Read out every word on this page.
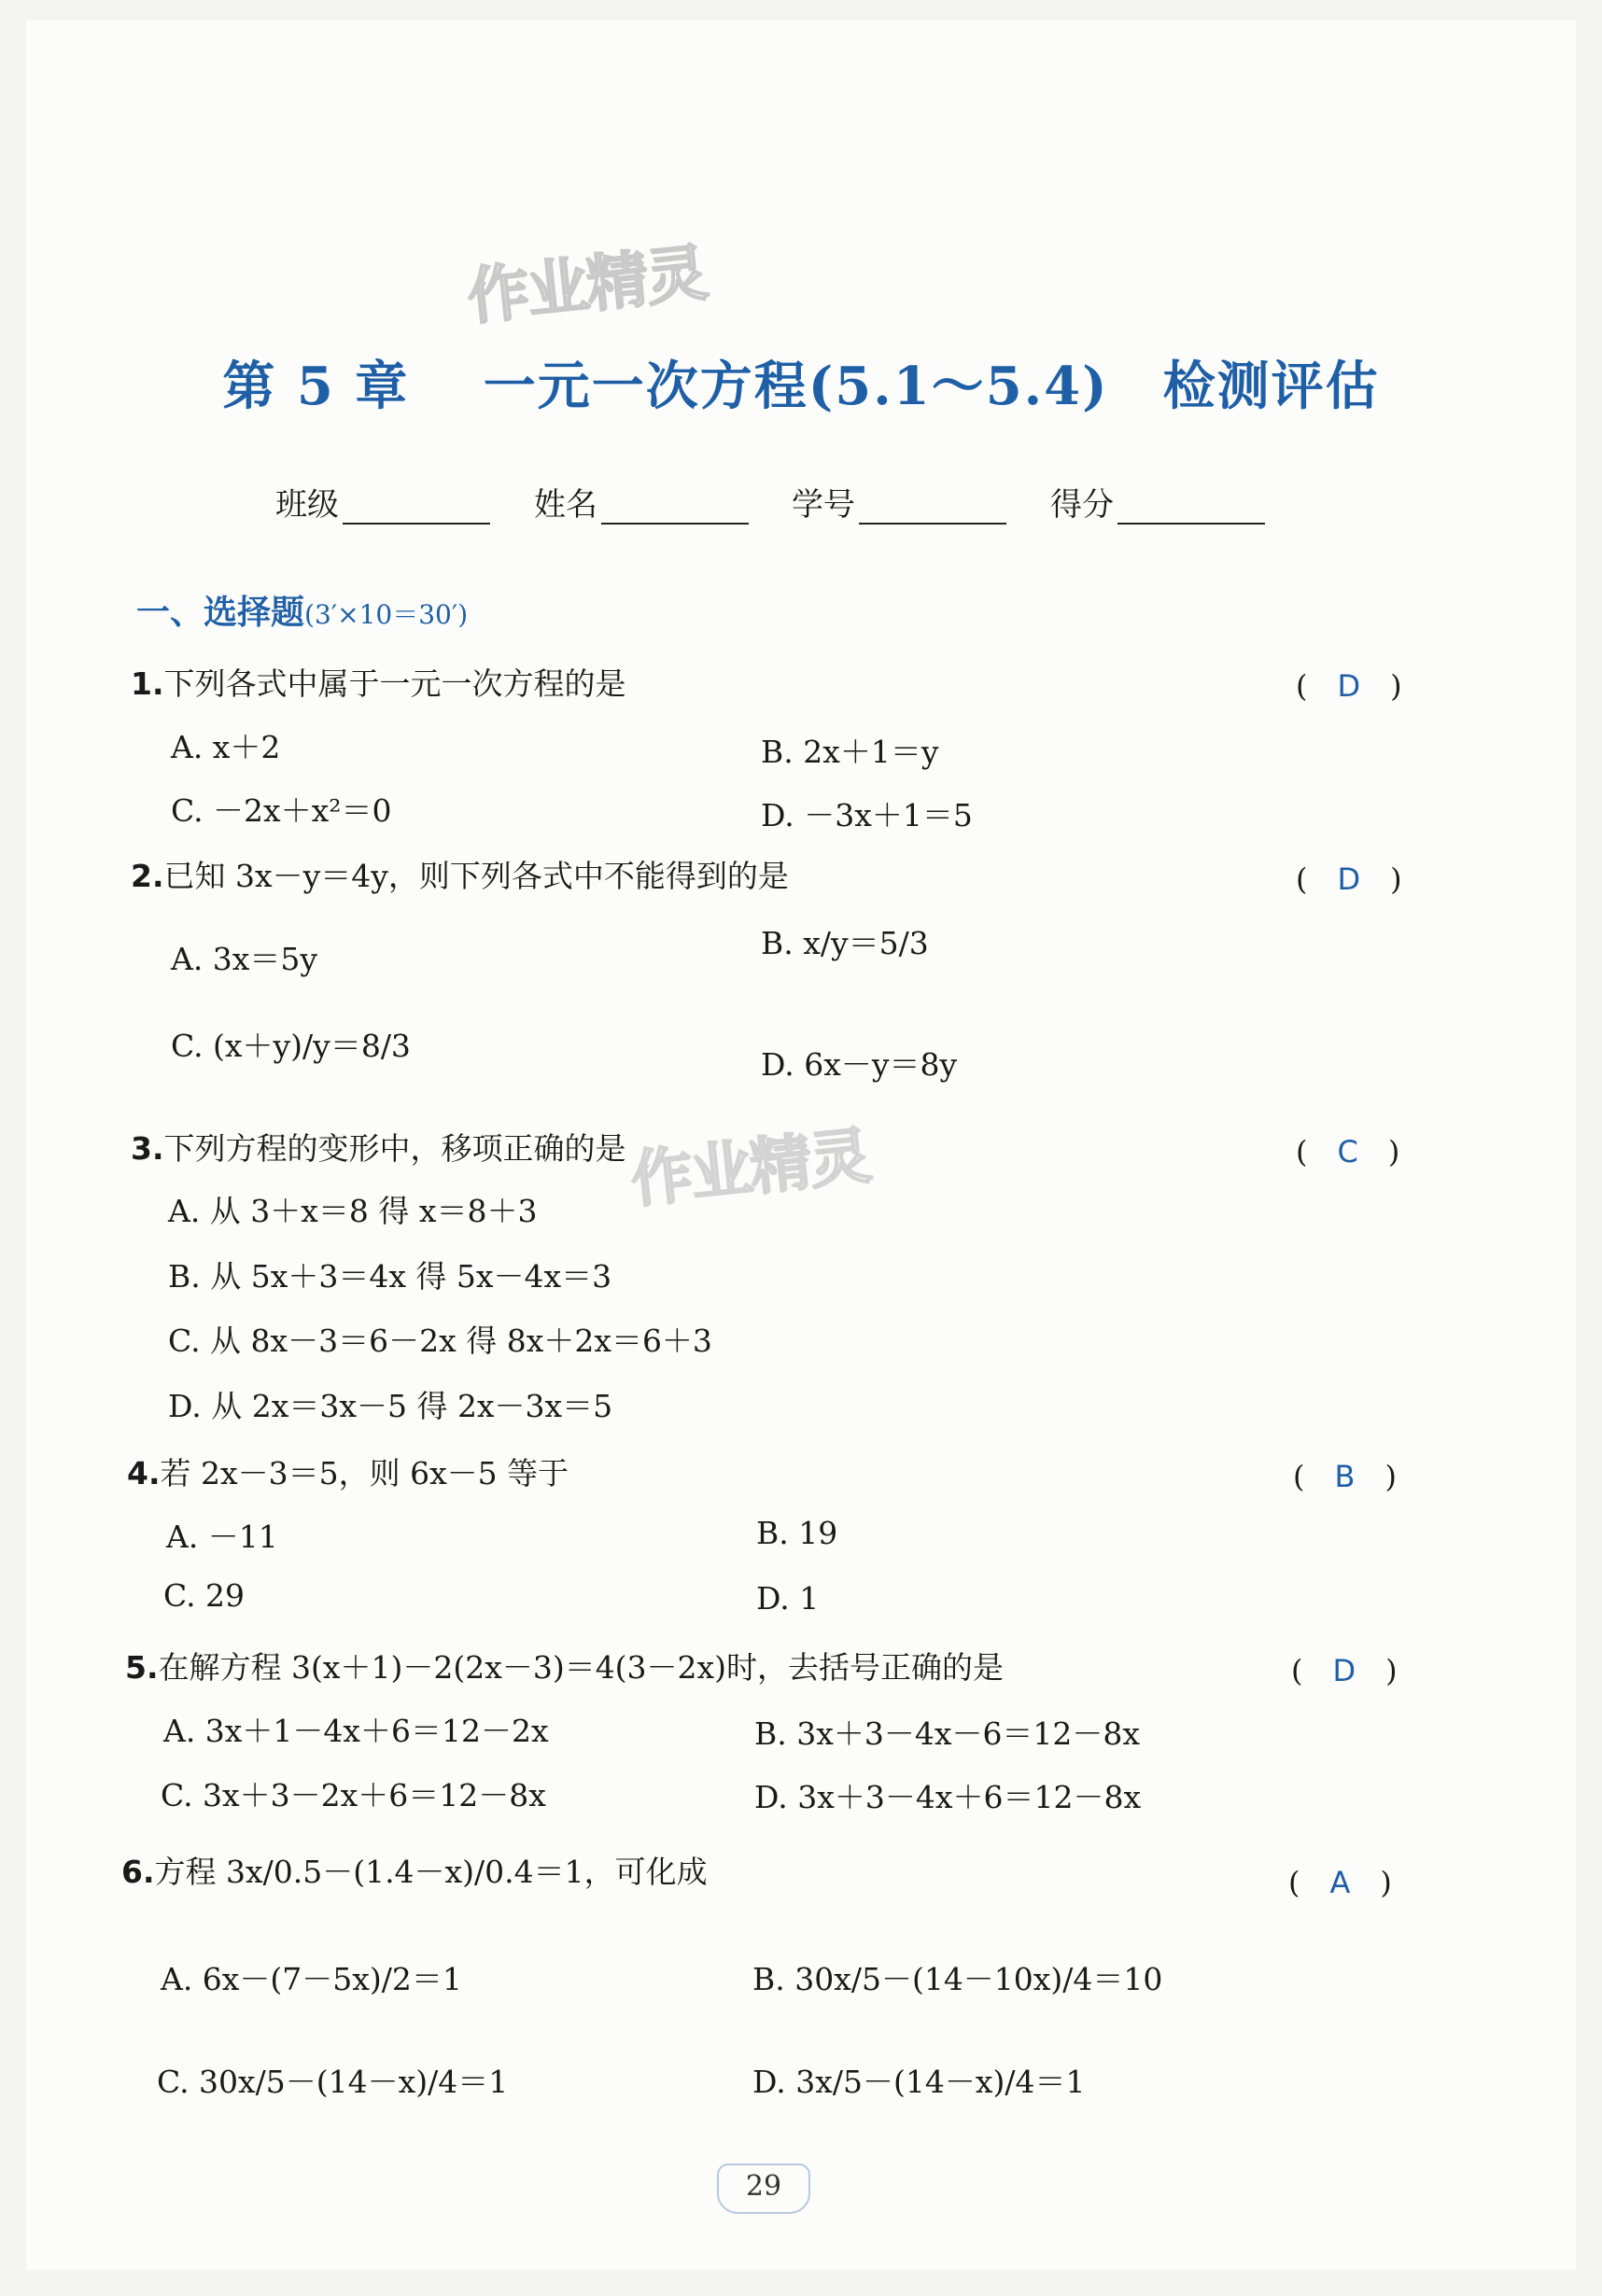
作业精灵
作业精灵
第 5 章　 一元一次方程(5.1～5.4)　检测评估
班级	姓名	学号	得分
一、选择题(3′×10＝30′)
1.下列各式中属于一元一次方程的是	(　D　)
A. x＋2	B. 2x＋1＝y
C. －2x＋x²＝0	D. －3x＋1＝5
2.已知 3x－y＝4y，则下列各式中不能得到的是	(　D　)
A. 3x＝5y	B. x/y＝5/3
C. (x＋y)/y＝8/3
D. 6x－y＝8y
3.下列方程的变形中，移项正确的是	(　C　)
A. 从 3＋x＝8 得 x＝8＋3
B. 从 5x＋3＝4x 得 5x－4x＝3
C. 从 8x－3＝6－2x 得 8x＋2x＝6＋3
D. 从 2x＝3x－5 得 2x－3x＝5
4.若 2x－3＝5，则 6x－5 等于	(　B　)
A. －11	B. 19
C. 29	D. 1
5.在解方程 3(x＋1)－2(2x－3)＝4(3－2x)时，去括号正确的是	(　D　)
A. 3x＋1－4x＋6＝12－2x	B. 3x＋3－4x－6＝12－8x
C. 3x＋3－2x＋6＝12－8x	D. 3x＋3－4x＋6＝12－8x
6.方程 3x/0.5－(1.4－x)/0.4＝1，可化成	(　A　)
A. 6x－(7－5x)/2＝1	B. 30x/5－(14－10x)/4＝10
C. 30x/5－(14－x)/4＝1	D. 3x/5－(14－x)/4＝1
29
